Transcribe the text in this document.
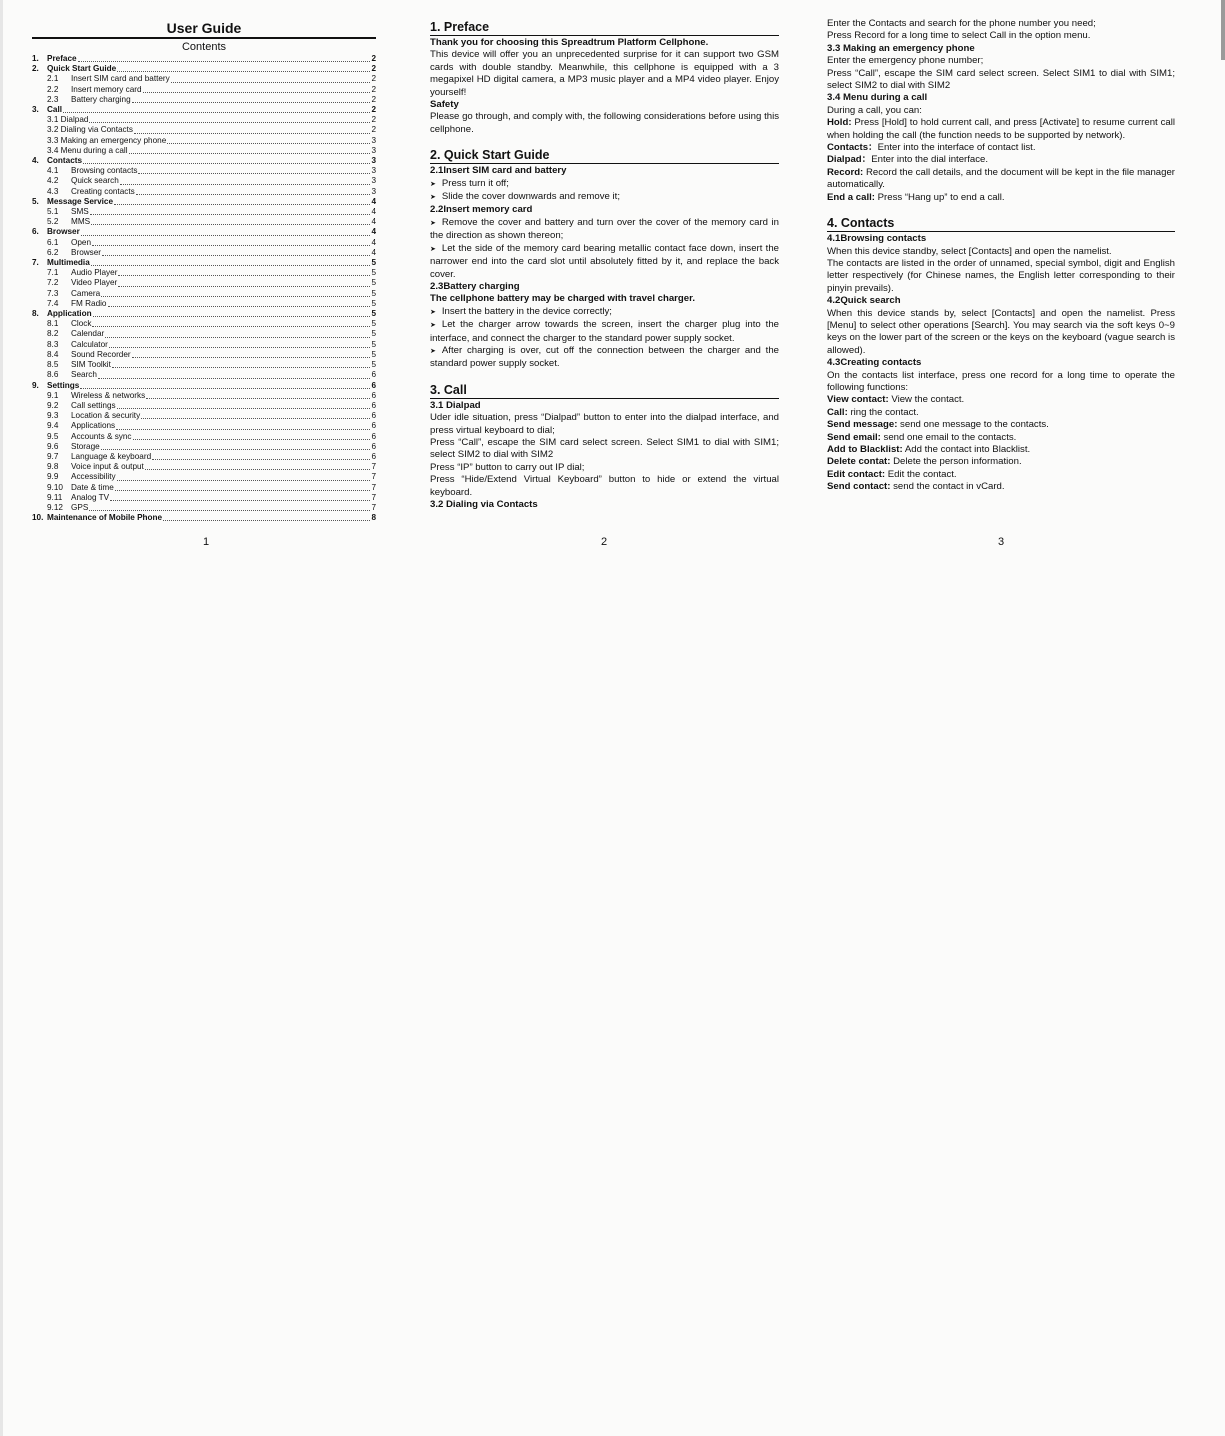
User Guide
Contents
1. Preface	2
2. Quick Start Guide	2
2.1	Insert SIM card and battery	2
2.2	Insert memory card	2
2.3	Battery charging	2
3. Call	2
3.1 Dialpad	2
3.2 Dialing via Contacts	2
3.3 Making an emergency phone	3
3.4 Menu during a call	3
4. Contacts	3
4.1	Browsing contacts	3
4.2	Quick search	3
4.3	Creating contacts	3
5. Message Service	4
5.1	SMS	4
5.2	MMS	4
6. Browser	4
6.1	Open	4
6.2	Browser	4
7. Multimedia	5
7.1	Audio Player	5
7.2	Video Player	5
7.3	Camera	5
7.4	FM Radio	5
8. Application	5
8.1	Clock	5
8.2	Calendar	5
8.3	Calculator	5
8.4	Sound Recorder	5
8.5	SIM Toolkit	5
8.6	Search	6
9. Settings	6
9.1	Wireless & networks	6
9.2	Call settings	6
9.3	Location & security	6
9.4	Applications	6
9.5	Accounts & sync	6
9.6	Storage	6
9.7	Language & keyboard	6
9.8	Voice input & output	7
9.9	Accessibility	7
9.10 Date & time	7
9.11	Analog TV	7
9.12 GPS	7
10. Maintenance of Mobile Phone	8
1
1. Preface
Thank you for choosing this Spreadtrum Platform Cellphone.
This device will offer you an unprecedented surprise for it can support two GSM cards with double standby. Meanwhile, this cellphone is equipped with a 3 megapixel HD digital camera, a MP3 music player and a MP4 video player. Enjoy yourself!
Safety
Please go through, and comply with, the following considerations before using this cellphone.
2. Quick Start Guide
2.1Insert SIM card and battery
➤ Press turn it off;
➤ Slide the cover downwards and remove it;
2.2Insert memory card
➤ Remove the cover and battery and turn over the cover of the memory card in the direction as shown thereon;
➤ Let the side of the memory card bearing metallic contact face down, insert the narrower end into the card slot until absolutely fitted by it, and replace the back cover.
2.3Battery charging
The cellphone battery may be charged with travel charger.
➤ Insert the battery in the device correctly;
➤ Let the charger arrow towards the screen, insert the charger plug into the interface, and connect the charger to the standard power supply socket.
➤ After charging is over, cut off the connection between the charger and the standard power supply socket.
3. Call
3.1 Dialpad
Uder idle situation, press “Dialpad” button to enter into the dialpad interface, and press virtual keyboard to dial;
Press “Call”, escape the SIM card select screen. Select SIM1 to dial with SIM1; select SIM2 to dial with SIM2
Press “IP” button to carry out IP dial;
Press “Hide/Extend Virtual Keyboard” button to hide or extend the virtual keyboard.
3.2 Dialing via Contacts
2
Enter the Contacts and search for the phone number you need;
Press Record for a long time to select Call in the option menu.
3.3 Making an emergency phone
Enter the emergency phone number;
Press “Call”, escape the SIM card select screen. Select SIM1 to dial with SIM1; select SIM2 to dial with SIM2
3.4 Menu during a call
During a call, you can:
Hold: Press [Hold] to hold current call, and press [Activate] to resume current call when holding the call (the function needs to be supported by network).
Contacts：Enter into the interface of contact list.
Dialpad：Enter into the dial interface.
Record: Record the call details, and the document will be kept in the file manager automatically.
End a call: Press “Hang up” to end a call.
4. Contacts
4.1Browsing contacts
When this device standby, select [Contacts] and open the namelist.
The contacts are listed in the order of unnamed, special symbol, digit and English letter respectively (for Chinese names, the English letter corresponding to their pinyin prevails).
4.2Quick search
When this device stands by, select [Contacts] and open the namelist. Press [Menu] to select other operations [Search]. You may search via the soft keys 0~9 keys on the lower part of the screen or the keys on the keyboard (vague search is allowed).
4.3Creating contacts
On the contacts list interface, press one record for a long time to operate the following functions:
View contact: View the contact.
Call: ring the contact.
Send message: send one message to the contacts.
Send email: send one email to the contacts.
Add to Blacklist: Add the contact into Blacklist.
Delete contat: Delete the person information.
Edit contact: Edit the contact.
Send contact: send the contact in vCard.
3
